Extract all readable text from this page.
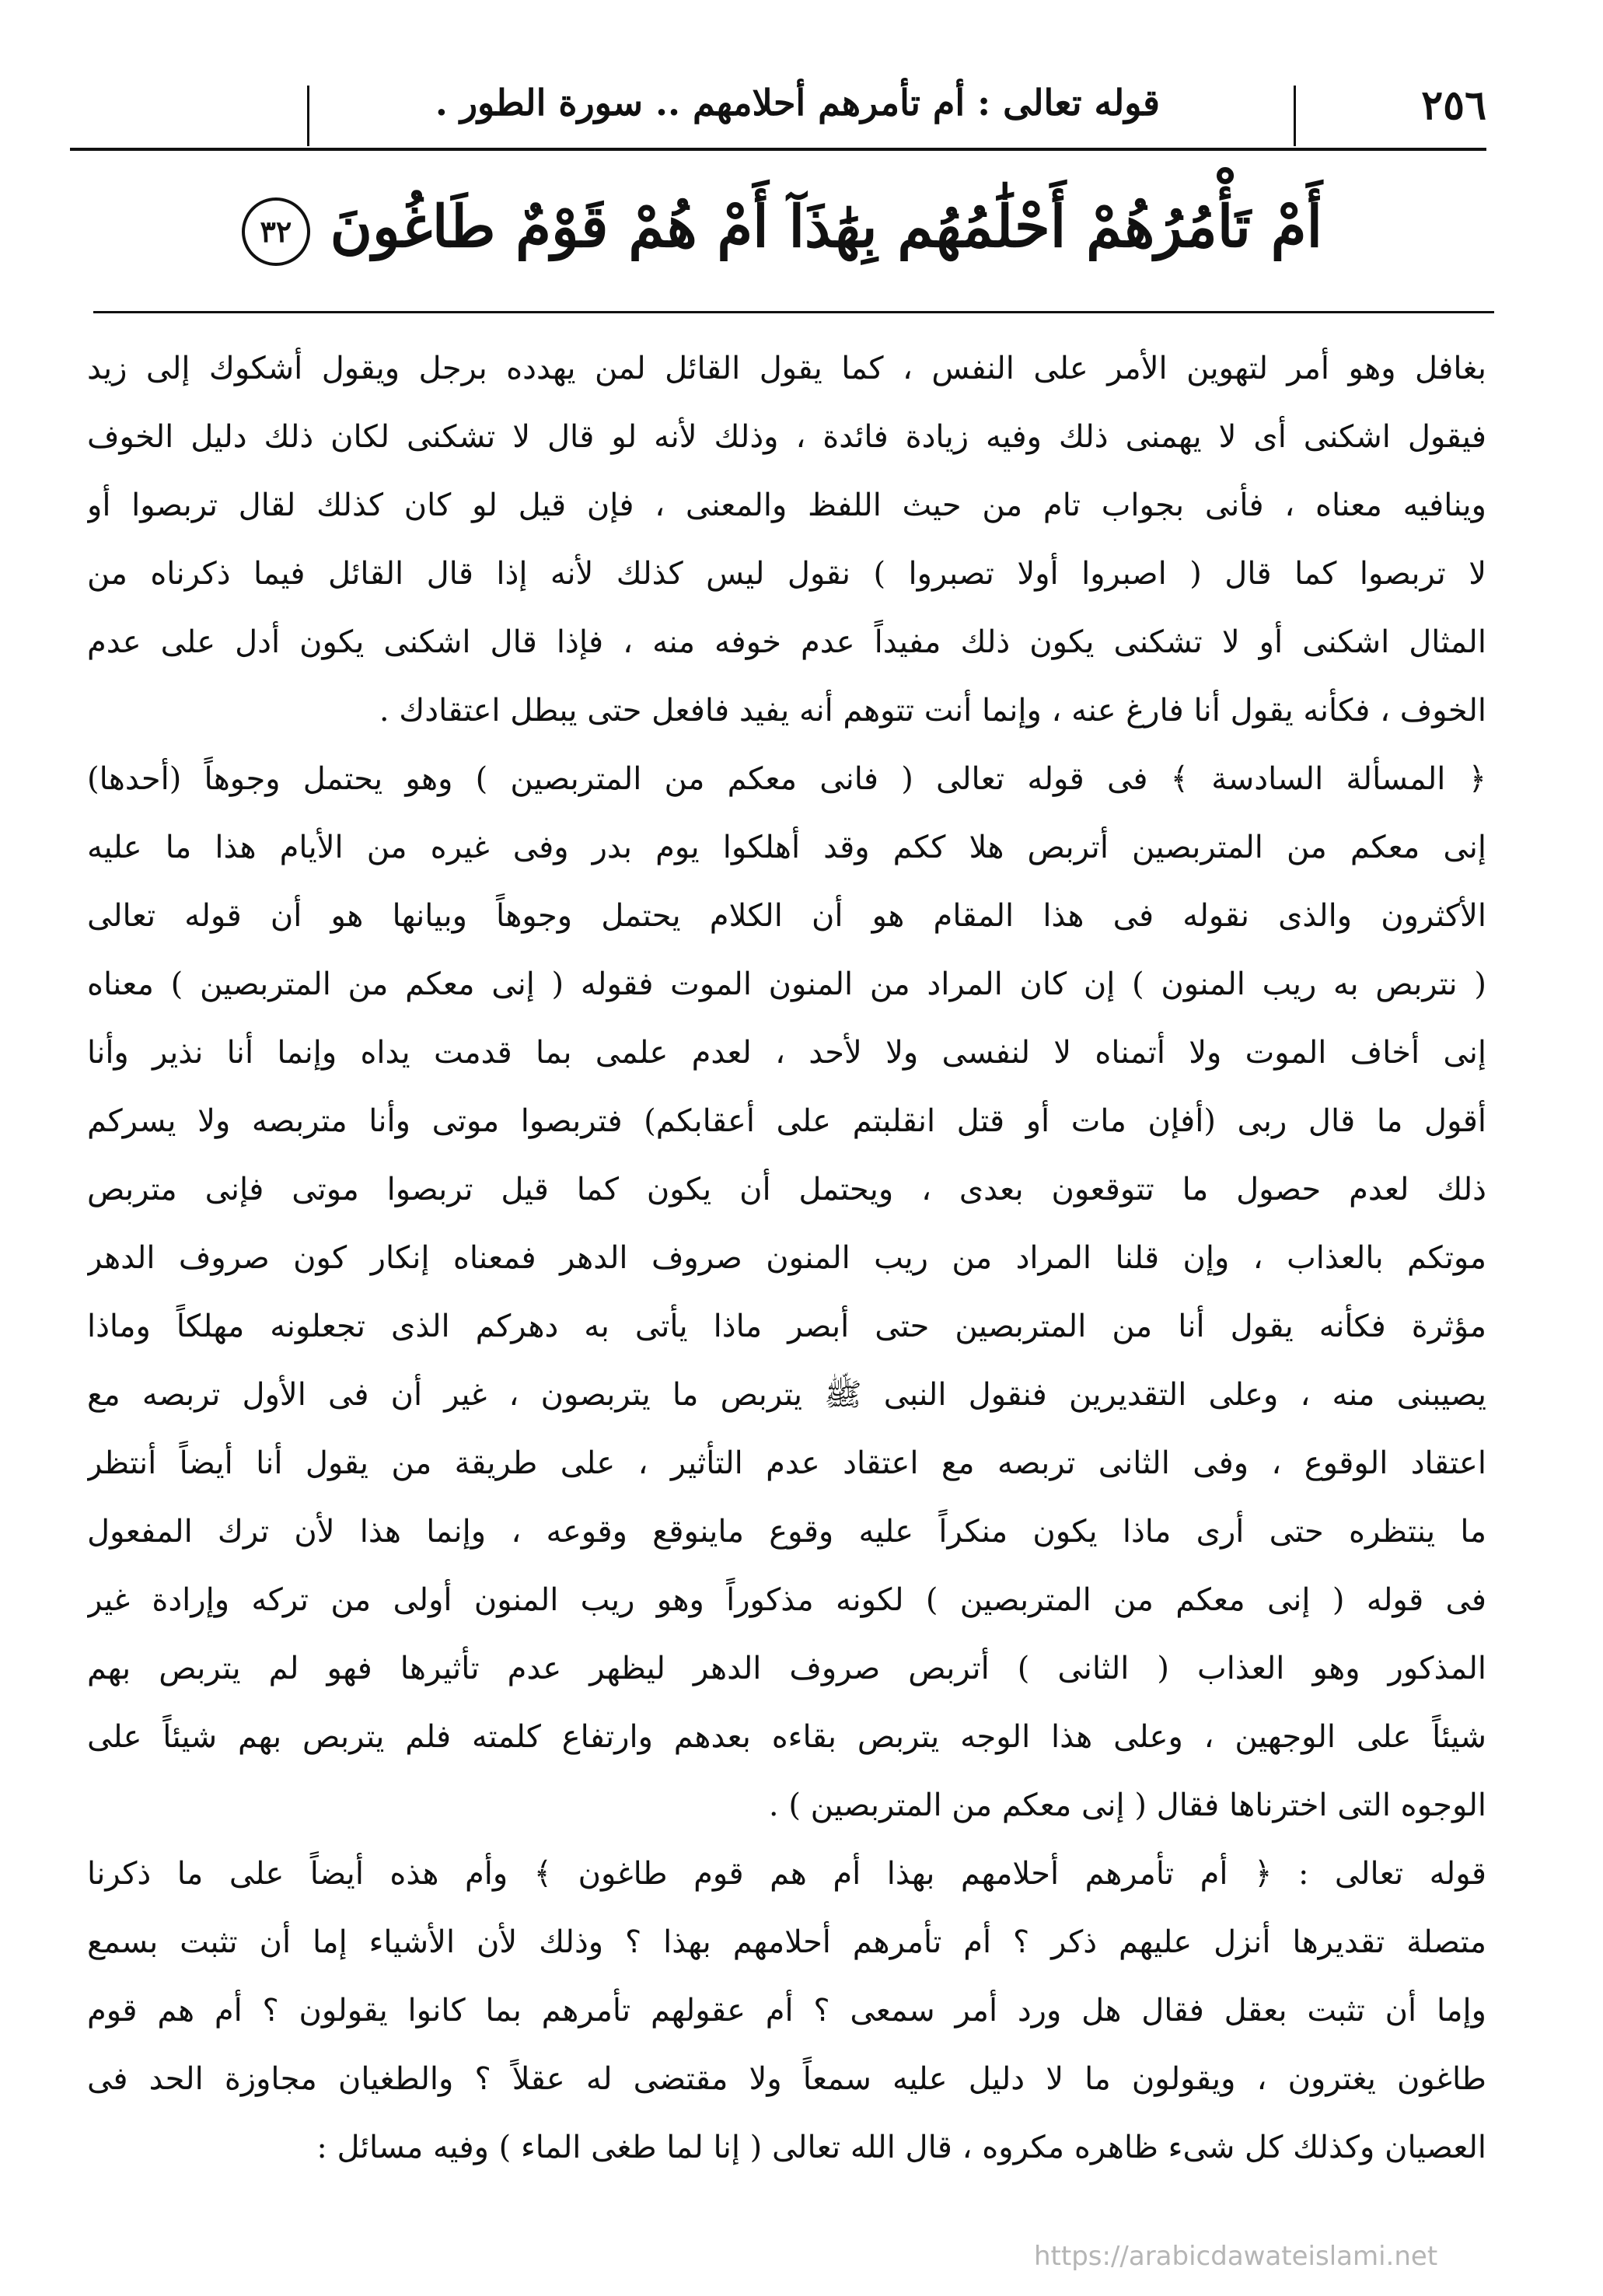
٢٥٦
قوله تعالى : أم تأمرهم أحلامهم .. سورة الطور .
أَمْ تَأْمُرُهُمْ أَحْلَٰمُهُم بِهَٰذَآ أَمْ هُمْ قَوْمٌ طَاغُونَ ٣٢
بغافل وهو أمر لتهوين الأمر على النفس ، كما يقول القائل لمن يهدده برجل ويقول أشكوك إلى زيد
فيقول اشكنى أى لا يهمنى ذلك وفيه زيادة فائدة ، وذلك لأنه لو قال لا تشكنى لكان ذلك دليل الخوف
وينافيه معناه ، فأنى بجواب تام من حيث اللفظ والمعنى ، فإن قيل لو كان كذلك لقال تربصوا أو
لا تربصوا كما قال ( اصبروا أولا تصبروا ) نقول ليس كذلك لأنه إذا قال القائل فيما ذكرناه من
المثال اشكنى أو لا تشكنى يكون ذلك مفيداً عدم خوفه منه ، فإذا قال اشكنى يكون أدل على عدم
الخوف ، فكأنه يقول أنا فارغ عنه ، وإنما أنت تتوهم أنه يفيد فافعل حتى يبطل اعتقادك .
﴿ المسألة السادسة ﴾ فى قوله تعالى ( فانى معكم من المتربصين ) وهو يحتمل وجوهاً (أحدها)
إنى معكم من المتربصين أتربص هلا ككم وقد أهلكوا يوم بدر وفى غيره من الأيام هذا ما عليه
الأكثرون والذى نقوله فى هذا المقام هو أن الكلام يحتمل وجوهاً وبيانها هو أن قوله تعالى
( نتربص به ريب المنون ) إن كان المراد من المنون الموت فقوله ( إنى معكم من المتربصين ) معناه
إنى أخاف الموت ولا أتمناه لا لنفسى ولا لأحد ، لعدم علمى بما قدمت يداه وإنما أنا نذير وأنا
أقول ما قال ربى (أفإن مات أو قتل انقلبتم على أعقابكم) فتربصوا موتى وأنا متربصه ولا يسركم
ذلك لعدم حصول ما تتوقعون بعدى ، ويحتمل أن يكون كما قيل تربصوا موتى فإنى متربص
موتكم بالعذاب ، وإن قلنا المراد من ريب المنون صروف الدهر فمعناه إنكار كون صروف الدهر
مؤثرة فكأنه يقول أنا من المتربصين حتى أبصر ماذا يأتى به دهركم الذى تجعلونه مهلكاً وماذا
يصيبنى منه ، وعلى التقديرين فنقول النبى ﷺ يتربص ما يتربصون ، غير أن فى الأول تربصه مع
اعتقاد الوقوع ، وفى الثانى تربصه مع اعتقاد عدم التأثير ، على طريقة من يقول أنا أيضاً أنتظر
ما ينتظره حتى أرى ماذا يكون منكراً عليه وقوع ماينوقع وقوعه ، وإنما هذا لأن ترك المفعول
فى قوله ( إنى معكم من المتربصين ) لكونه مذكوراً وهو ريب المنون أولى من تركه وإرادة غير
المذكور وهو العذاب ( الثانى ) أتربص صروف الدهر ليظهر عدم تأثيرها فهو لم يتربص بهم
شيئاً على الوجهين ، وعلى هذا الوجه يتربص بقاءه بعدهم وارتفاع كلمته فلم يتربص بهم شيئاً على
الوجوه التى اخترناها فقال ( إنى معكم من المتربصين ) .
قوله تعالى : ﴿ أم تأمرهم أحلامهم بهذا أم هم قوم طاغون ﴾ وأم هذه أيضاً على ما ذكرنا
متصلة تقديرها أنزل عليهم ذكر ؟ أم تأمرهم أحلامهم بهذا ؟ وذلك لأن الأشياء إما أن تثبت بسمع
وإما أن تثبت بعقل فقال هل ورد أمر سمعى ؟ أم عقولهم تأمرهم بما كانوا يقولون ؟ أم هم قوم
طاغون يغترون ، ويقولون ما لا دليل عليه سمعاً ولا مقتضى له عقلاً ؟ والطغيان مجاوزة الحد فى
العصيان وكذلك كل شىء ظاهره مكروه ، قال الله تعالى ( إنا لما طغى الماء ) وفيه مسائل :
https://arabicdawateislami.net
